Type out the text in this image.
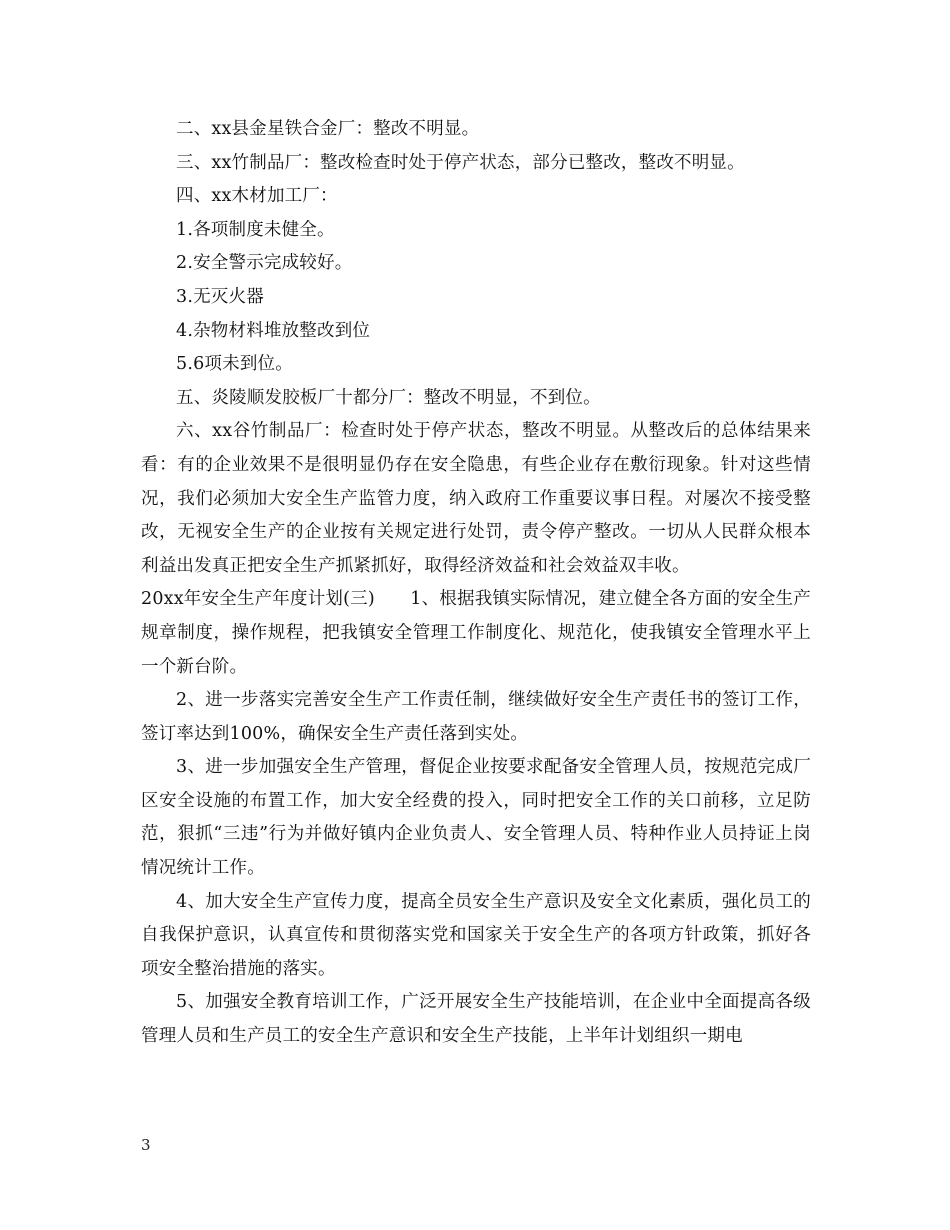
二、xx县金星铁合金厂：整改不明显。

三、xx竹制品厂：整改检查时处于停产状态，部分已整改，整改不明显。

四、xx木材加工厂：

1.各项制度未健全。

2.安全警示完成较好。

3.无灭火器

4.杂物材料堆放整改到位

5.6项未到位。

五、炎陵顺发胶板厂十都分厂：整改不明显，不到位。

六、xx谷竹制品厂：检查时处于停产状态，整改不明显。从整改后的总体结果来看：有的企业效果不是很明显仍存在安全隐患，有些企业存在敷衍现象。针对这些情况，我们必须加大安全生产监管力度，纳入政府工作重要议事日程。对屡次不接受整改，无视安全生产的企业按有关规定进行处罚，责令停产整改。一切从人民群众根本利益出发真正把安全生产抓紧抓好，取得经济效益和社会效益双丰收。

20xx年安全生产年度计划(三)　　1、根据我镇实际情况，建立健全各方面的安全生产规章制度，操作规程，把我镇安全管理工作制度化、规范化，使我镇安全管理水平上一个新台阶。

2、进一步落实完善安全生产工作责任制，继续做好安全生产责任书的签订工作，签订率达到100%，确保安全生产责任落到实处。

3、进一步加强安全生产管理，督促企业按要求配备安全管理人员，按规范完成厂区安全设施的布置工作，加大安全经费的投入，同时把安全工作的关口前移，立足防范，狠抓“三违”行为并做好镇内企业负责人、安全管理人员、特种作业人员持证上岗情况统计工作。

4、加大安全生产宣传力度，提高全员安全生产意识及安全文化素质，强化员工的自我保护意识，认真宣传和贯彻落实党和国家关于安全生产的各项方针政策，抓好各项安全整治措施的落实。

5、加强安全教育培训工作，广泛开展安全生产技能培训，在企业中全面提高各级管理人员和生产员工的安全生产意识和安全生产技能，上半年计划组织一期电

3
